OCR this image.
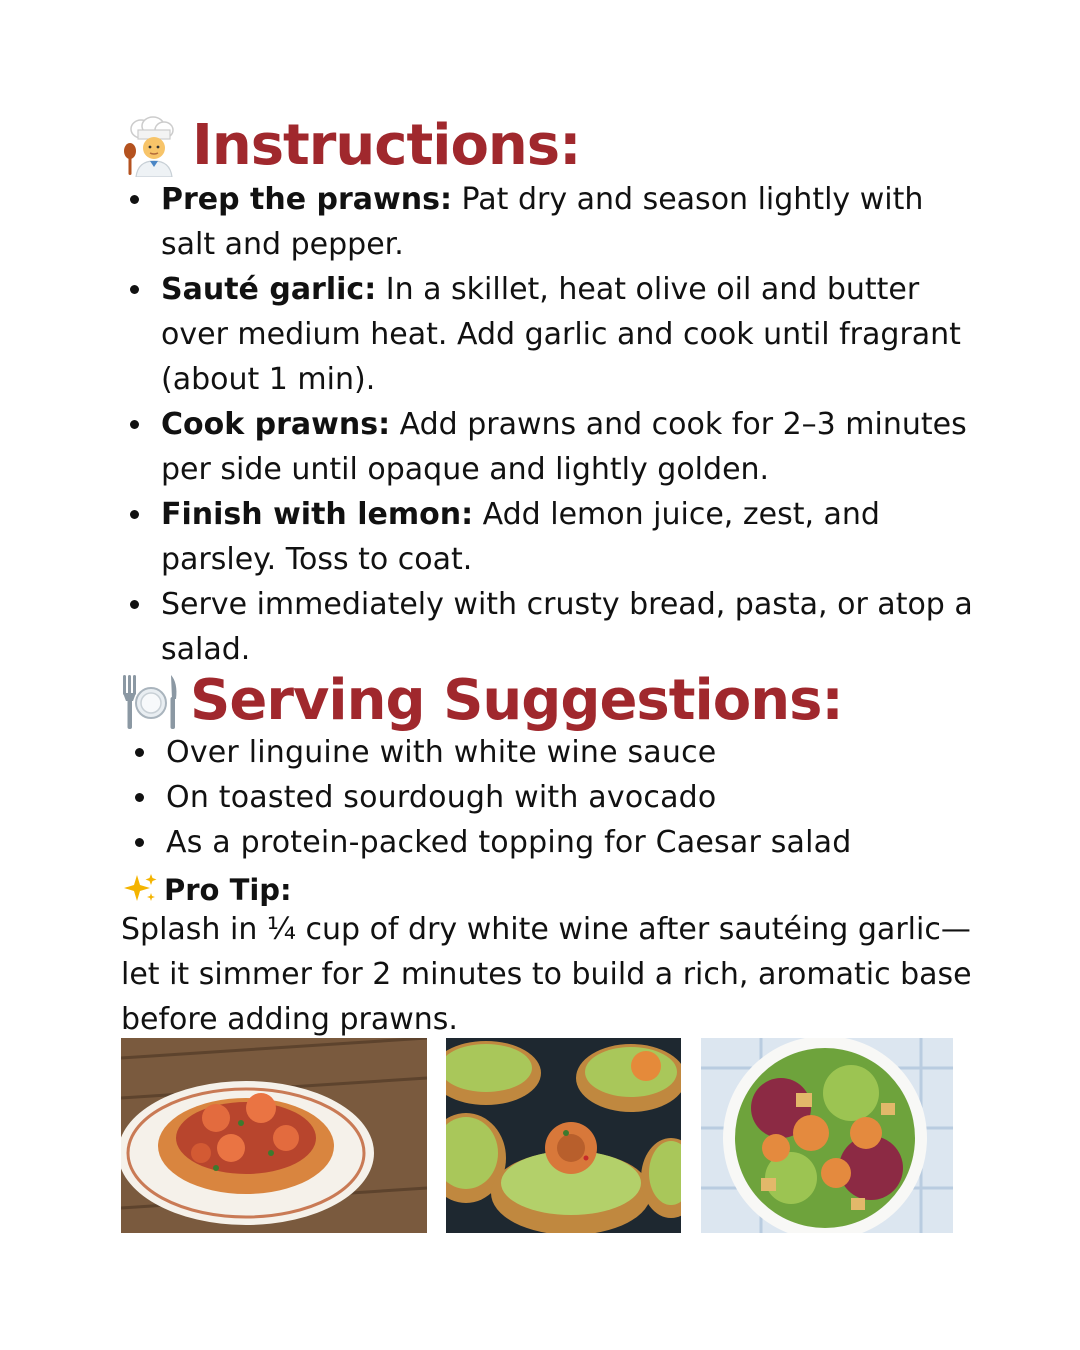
Instructions:
Prep the prawns: Pat dry and season lightly with salt and pepper.
Sauté garlic: In a skillet, heat olive oil and butter over medium heat. Add garlic and cook until fragrant (about 1 min).
Cook prawns: Add prawns and cook for 2–3 minutes per side until opaque and lightly golden.
Finish with lemon: Add lemon juice, zest, and parsley. Toss to coat.
Serve immediately with crusty bread, pasta, or atop a salad.
Serving Suggestions:
Over linguine with white wine sauce
On toasted sourdough with avocado
As a protein-packed topping for Caesar salad
Pro Tip:

Splash in ¼ cup of dry white wine after sautéing garlic—let it simmer for 2 minutes to build a rich, aromatic base before adding prawns.
